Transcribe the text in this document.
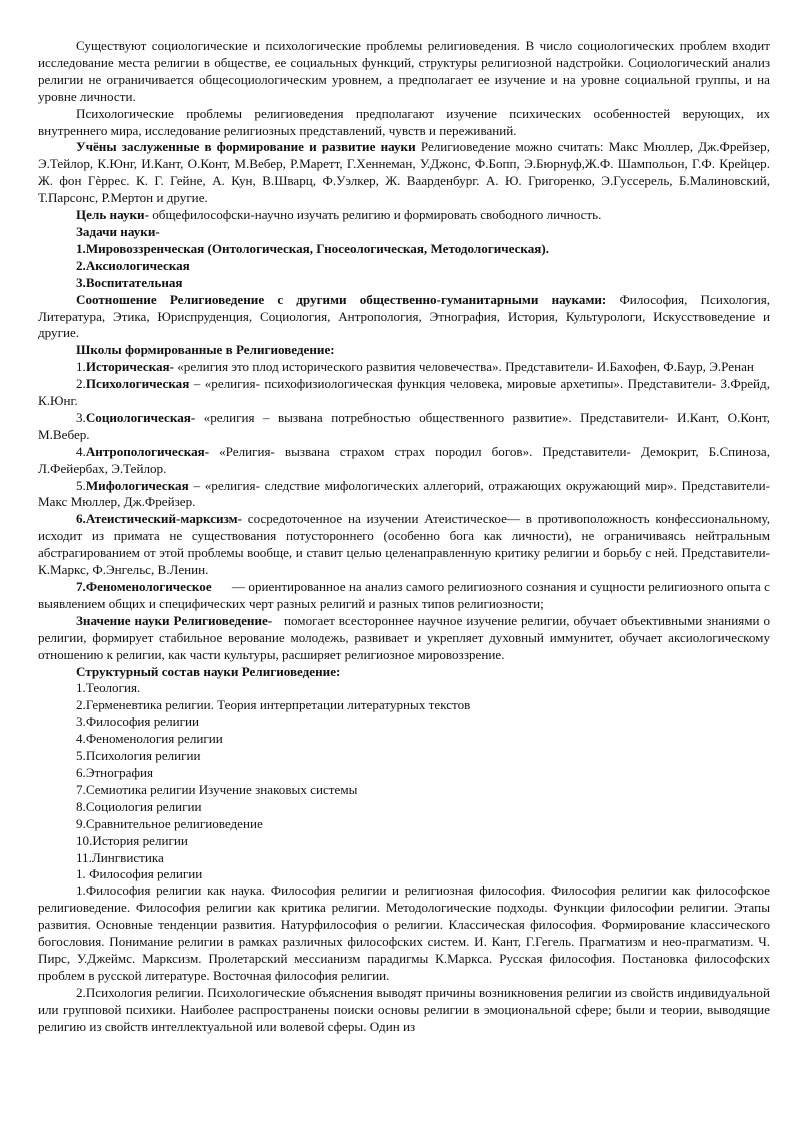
Существуют социологические и психологические проблемы религиоведения. В число социологических проблем входит исследование места религии в обществе, ее социальных функций, структуры религиозной надстройки. Социологический анализ религии не ограничивается общесоциологическим уровнем, а предполагает ее изучение и на уровне социальной группы, и на уровне личности.

Психологические проблемы религиоведения предполагают изучение психических особенностей верующих, их внутреннего мира, исследование религиозных представлений, чувств и переживаний.

Учёны заслуженные в формирование и развитие науки Религиоведение можно считать: Макс Мюллер, Дж.Фрейзер, Э.Тейлор, К.Юнг, И.Кант, О.Конт, М.Вебер, Р.Маретт, Г.Хеннеман, У.Джонс, Ф.Бопп, Э.Бюрнуф,Ж.Ф. Шампольон, Г.Ф. Крейцер. Ж. фон Гѐррес. К. Г. Гейне, А. Кун, В.Шварц, Ф.Уэлкер, Ж. Ваарденбург. А. Ю. Григоренко, Э.Гуссерель, Б.Малиновский, Т.Парсонс, Р.Мертон и другие.

Цель науки- общефилософски-научно изучать религию и формировать свободного личность.

Задачи науки-

1.Мировоззренческая (Онтологическая, Гносеологическая, Методологическая).

2.Аксиологическая

3.Воспитательная

Соотношение Религиоведение с другими общественно-гуманитарными науками: Философия, Психология, Литература, Этика, Юриспруденция, Социология, Антропология, Этнография, История, Культурологи, Искусствоведение и другие.

Школы формированные в Религиоведение:

1.Историческая- «религия это плод исторического развития человечества». Представители- И.Бахофен, Ф.Баур, Э.Ренан

2.Психологическая – «религия- психофизиологическая функция человека, мировые архетипы». Представители- З.Фрейд, К.Юнг.

3.Социологическая- «религия – вызвана потребностью общественного развитие». Представители- И.Кант, О.Конт, М.Вебер.

4.Антропологическая- «Религия- вызвана страхом страх породил богов». Представители- Демокрит, Б.Спиноза, Л.Фейербах, Э.Тейлор.

5.Мифологическая – «религия- следствие мифологических аллегорий, отражающих окружающий мир». Представители- Макс Мюллер, Дж.Фрейзер.

6.Атеистический-марксизм- сосредоточенное на изучении Атеистическое— в противоположность конфессиональному, исходит из примата не существования потустороннего (особенно бога как личности), не ограничиваясь нейтральным абстрагированием от этой проблемы вообще, и ставит целью целенаправленную критику религии и борьбу с ней. Представители- К.Маркс, Ф.Энгельс, В.Ленин.

7.Феноменологическое      — ориентированное на анализ самого религиозного сознания и сущности религиозного опыта с выявлением общих и специфических черт разных религий и разных типов религиозности;

Значение науки Религиоведение-   помогает всестороннее научное изучение религии, обучает объективными знаниями о религии, формирует стабильное верование молодежь, развивает и укрепляет духовный иммунитет, обучает аксиологическому отношению к религии, как части культуры, расширяет религиозное мировоззрение.

Структурный состав науки Религиоведение:

1.Теология.

2.Герменевтика религии. Теория интерпретации литературных текстов

3.Философия религии

4.Феноменология религии

5.Психология религии

6.Этнография

7.Семиотика религии Изучение знаковых системы

8.Социология религии

9.Сравнительное религиоведение

10.История религии

11.Лингвистика

1. Философия религии

1.Философия религии как наука. Философия религии и религиозная философия. Философия религии как философское религиоведение. Философия религии как критика религии. Методологические подходы. Функции философии религии. Этапы развития. Основные тенденции развития. Натурфилософия о религии. Классическая философия. Формирование классического богословия. Понимание религии в рамках различных философских систем. И. Кант, Г.Гегель. Прагматизм и нео-прагматизм. Ч. Пирс, У.Джеймс. Марксизм. Пролетарский мессианизм парадигмы К.Маркса. Русская философия. Постановка философских проблем в русской литературе. Восточная философия религии.

2.Психология религии. Психологические объяснения выводят причины возникновения религии из свойств индивидуальной или групповой психики. Наиболее распространены поиски основы религии в эмоциональной сфере; были и теории, выводящие религию из свойств интеллектуальной или волевой сферы. Один из
